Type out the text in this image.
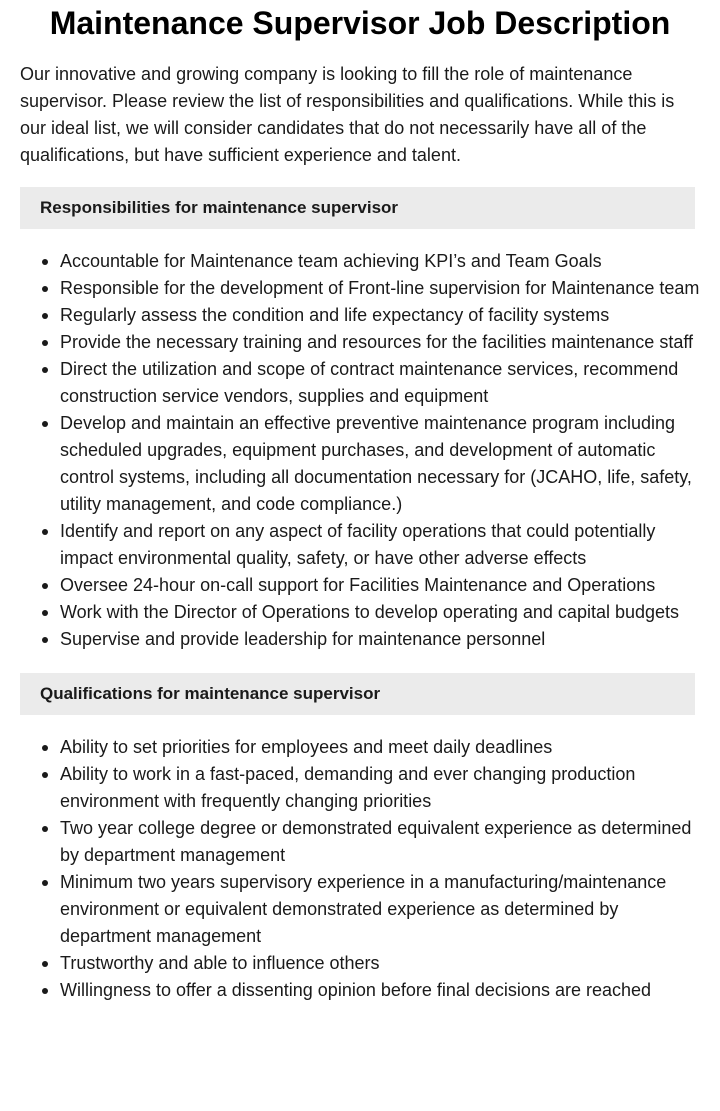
Maintenance Supervisor Job Description

Our innovative and growing company is looking to fill the role of maintenance supervisor. Please review the list of responsibilities and qualifications. While this is our ideal list, we will consider candidates that do not necessarily have all of the qualifications, but have sufficient experience and talent.

Responsibilities for maintenance supervisor
Accountable for Maintenance team achieving KPI’s and Team Goals
Responsible for the development of Front-line supervision for Maintenance team
Regularly assess the condition and life expectancy of facility systems
Provide the necessary training and resources for the facilities maintenance staff
Direct the utilization and scope of contract maintenance services, recommend construction service vendors, supplies and equipment
Develop and maintain an effective preventive maintenance program including scheduled upgrades, equipment purchases, and development of automatic control systems, including all documentation necessary for (JCAHO, life, safety, utility management, and code compliance.)
Identify and report on any aspect of facility operations that could potentially impact environmental quality, safety, or have other adverse effects
Oversee 24-hour on-call support for Facilities Maintenance and Operations
Work with the Director of Operations to develop operating and capital budgets
Supervise and provide leadership for maintenance personnel
Qualifications for maintenance supervisor
Ability to set priorities for employees and meet daily deadlines
Ability to work in a fast-paced, demanding and ever changing production environment with frequently changing priorities
Two year college degree or demonstrated equivalent experience as determined by department management
Minimum two years supervisory experience in a manufacturing/maintenance environment or equivalent demonstrated experience as determined by department management
Trustworthy and able to influence others
Willingness to offer a dissenting opinion before final decisions are reached
